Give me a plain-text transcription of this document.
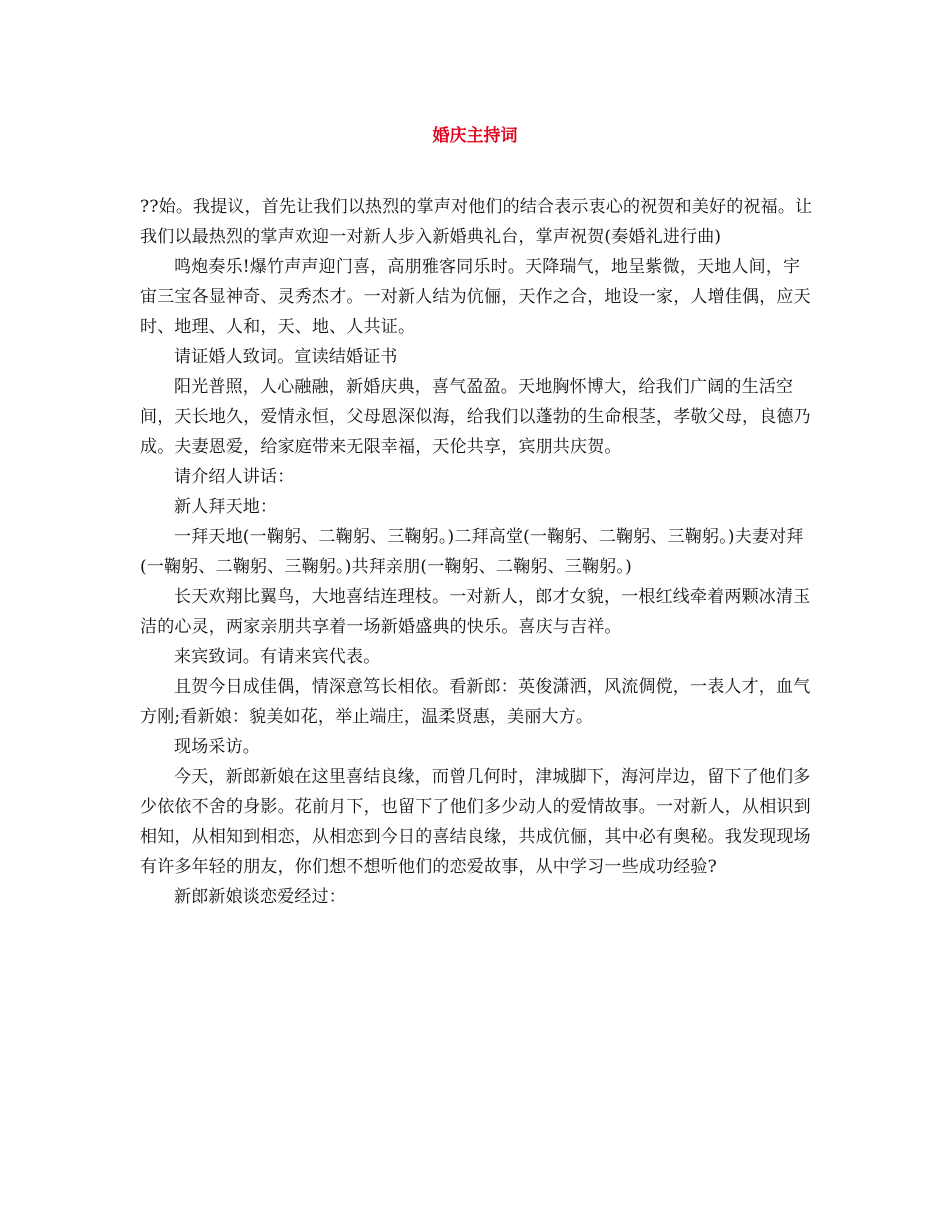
婚庆主持词

??始。我提议，首先让我们以热烈的掌声对他们的结合表示衷心的祝贺和美好的祝福。让我们以最热烈的掌声欢迎一对新人步入新婚典礼台，掌声祝贺(奏婚礼进行曲)

鸣炮奏乐!爆竹声声迎门喜，高朋雅客同乐时。天降瑞气，地呈紫微，天地人间，宇宙三宝各显神奇、灵秀杰才。一对新人结为伉俪，天作之合，地设一家，人增佳偶，应天时、地理、人和，天、地、人共证。

请证婚人致词。宣读结婚证书

阳光普照，人心融融，新婚庆典，喜气盈盈。天地胸怀博大，给我们广阔的生活空间，天长地久，爱情永恒，父母恩深似海，给我们以蓬勃的生命根茎，孝敬父母，良德乃成。夫妻恩爱，给家庭带来无限幸福，天伦共享，宾朋共庆贺。

请介绍人讲话：

新人拜天地：

一拜天地(一鞠躬、二鞠躬、三鞠躬。)二拜高堂(一鞠躬、二鞠躬、三鞠躬。)夫妻对拜(一鞠躬、二鞠躬、三鞠躬。)共拜亲朋(一鞠躬、二鞠躬、三鞠躬。)

长天欢翔比翼鸟，大地喜结连理枝。一对新人，郎才女貌，一根红线牵着两颗冰清玉洁的心灵，两家亲朋共享着一场新婚盛典的快乐。喜庆与吉祥。

来宾致词。有请来宾代表。

且贺今日成佳偶，情深意笃长相依。看新郎：英俊潇洒，风流倜傥，一表人才，血气方刚;看新娘：貌美如花，举止端庄，温柔贤惠，美丽大方。

现场采访。

今天，新郎新娘在这里喜结良缘，而曾几何时，津城脚下，海河岸边，留下了他们多少依依不舍的身影。花前月下，也留下了他们多少动人的爱情故事。一对新人，从相识到相知，从相知到相恋，从相恋到今日的喜结良缘，共成伉俪，其中必有奥秘。我发现现场有许多年轻的朋友，你们想不想听他们的恋爱故事，从中学习一些成功经验?

新郎新娘谈恋爱经过：
